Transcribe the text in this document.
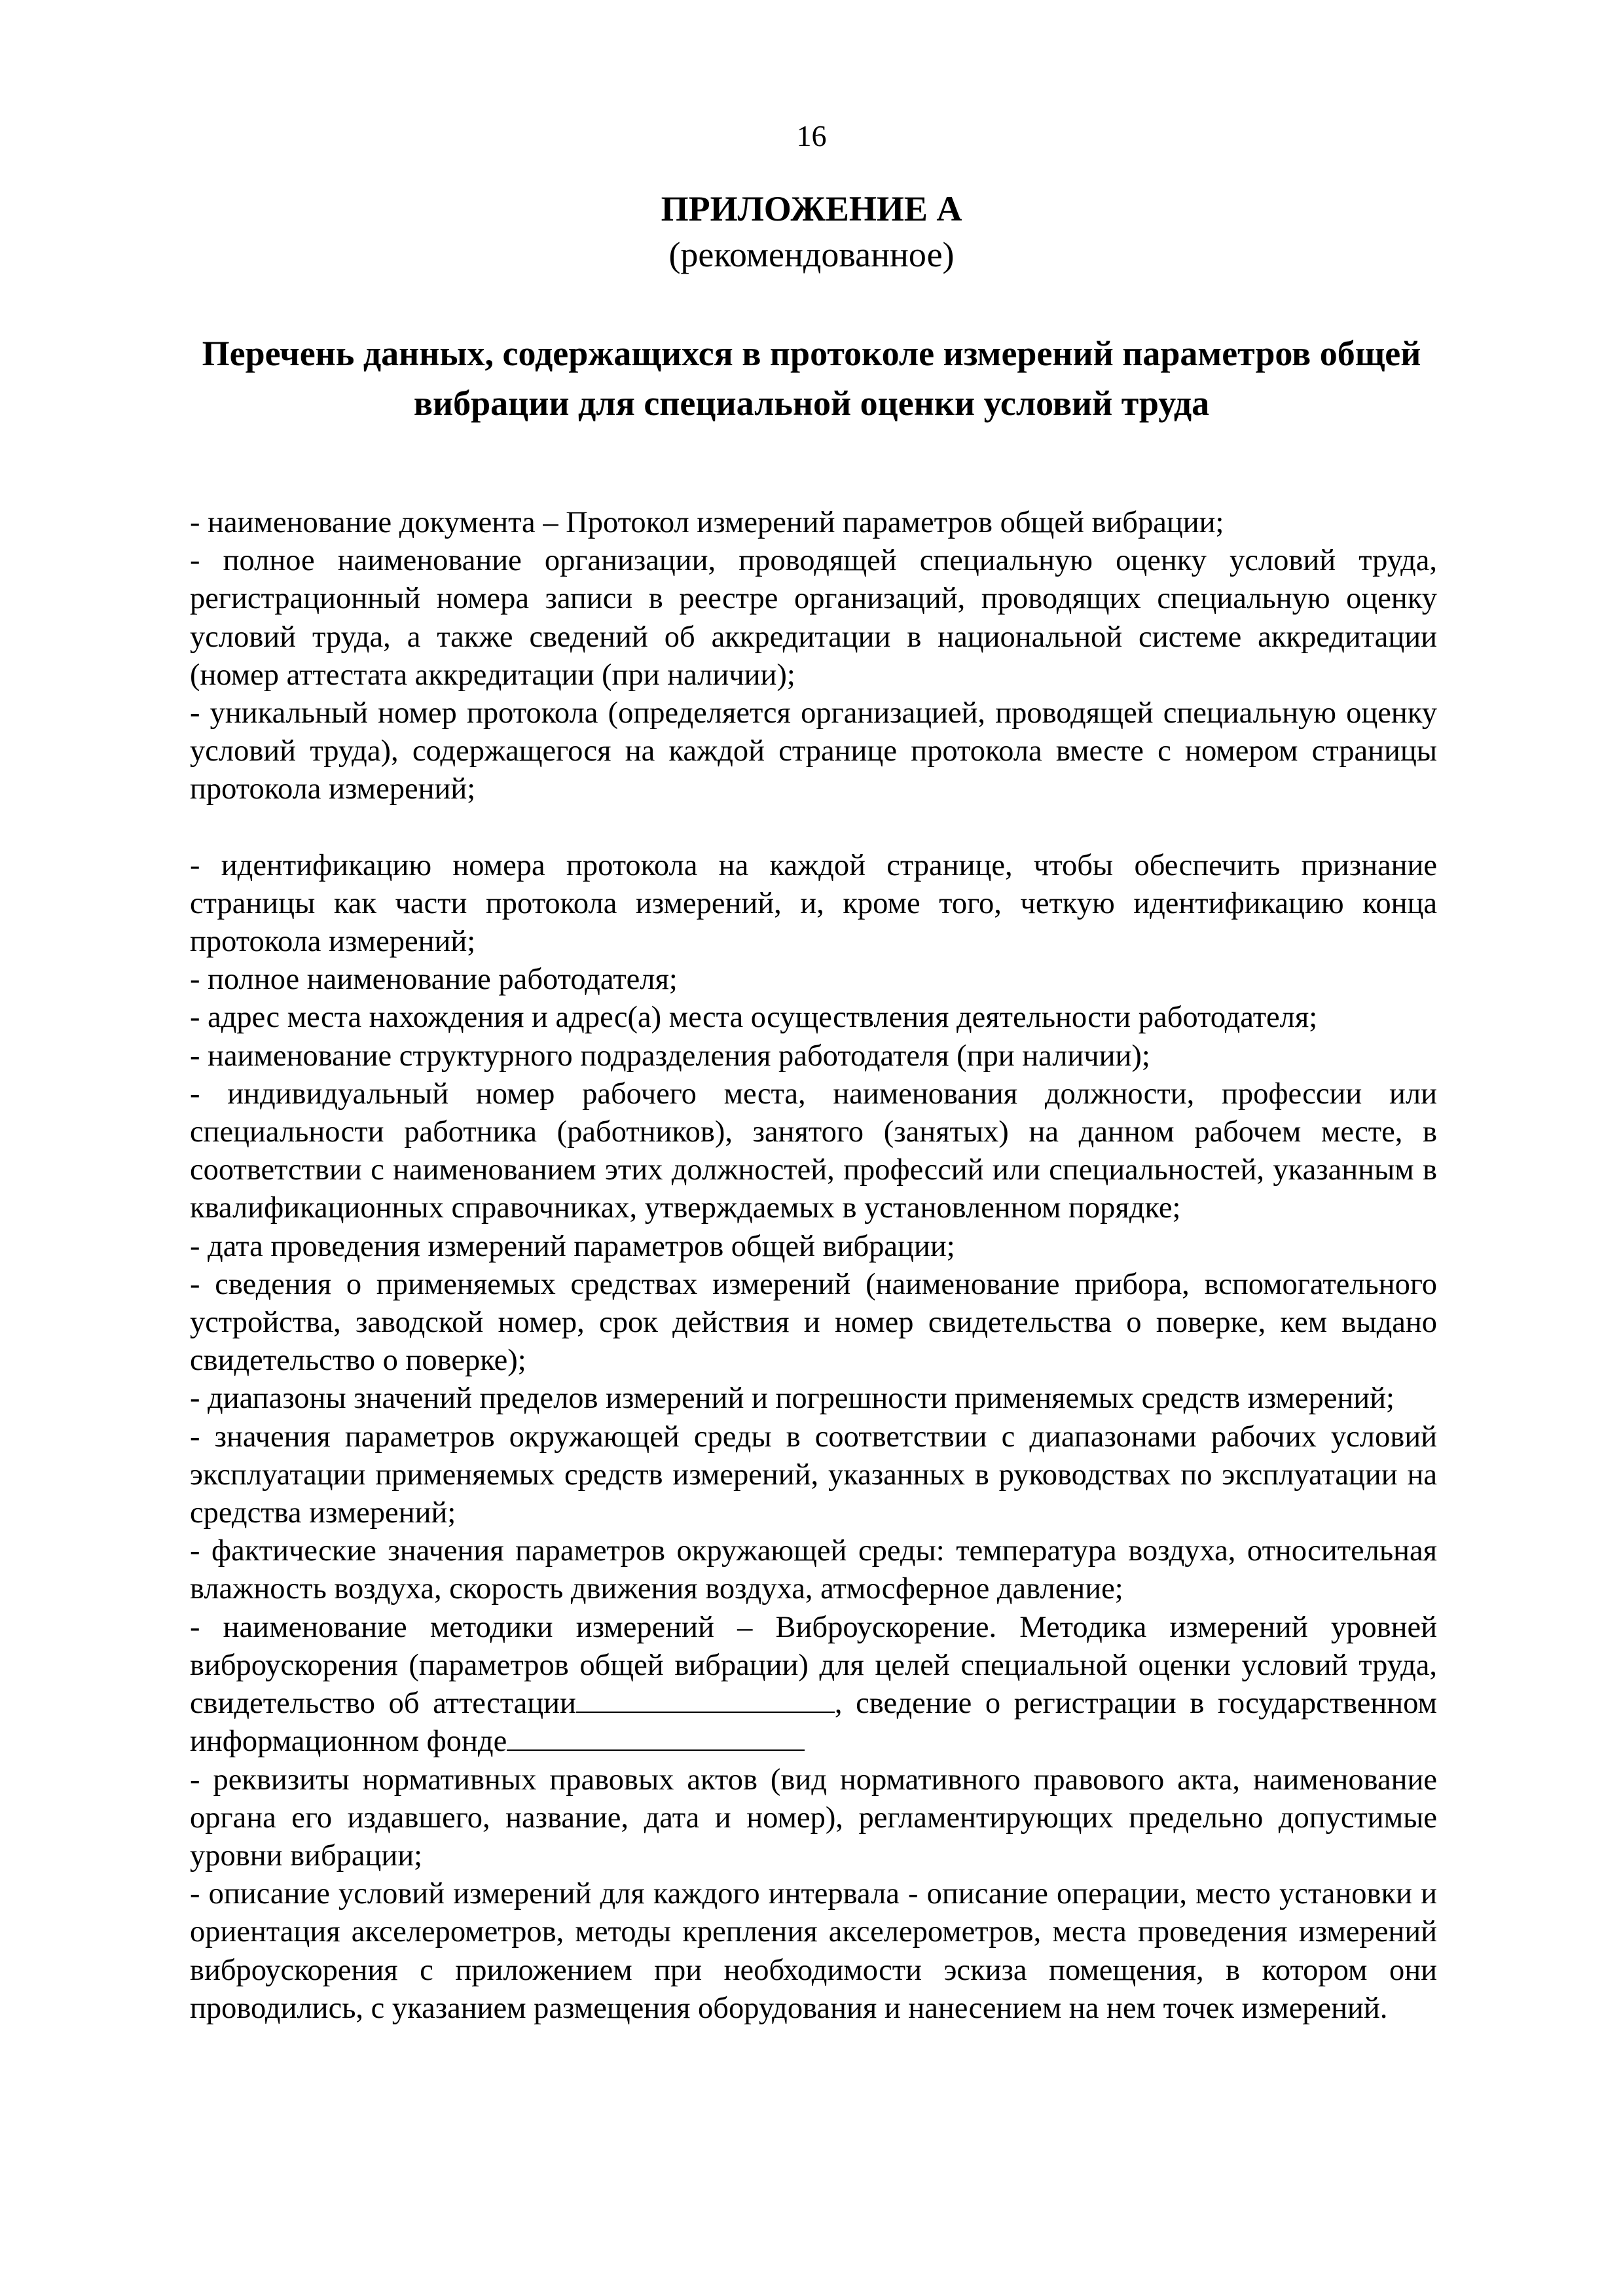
16

ПРИЛОЖЕНИЕ А

(рекомендованное)

Перечень данных, содержащихся в протоколе измерений параметров общей вибрации для специальной оценки условий труда

- наименование документа – Протокол измерений параметров общей вибрации;

- полное наименование организации, проводящей специальную оценку условий труда, регистрационный номера записи в реестре организаций, проводящих специальную оценку условий труда, а также сведений об аккредитации в национальной системе аккредитации (номер аттестата аккредитации (при наличии);

- уникальный номер протокола (определяется организацией, проводящей специальную оценку условий труда), содержащегося на каждой странице протокола вместе с номером страницы протокола измерений;

- идентификацию номера протокола на каждой странице, чтобы обеспечить признание страницы как части протокола измерений, и, кроме того, четкую идентификацию конца протокола измерений;

- полное наименование работодателя;

- адрес места нахождения и адрес(а) места осуществления деятельности работодателя;

- наименование структурного подразделения работодателя (при наличии);

- индивидуальный номер рабочего места, наименования должности, профессии или специальности работника (работников), занятого (занятых) на данном рабочем месте, в соответствии с наименованием этих должностей, профессий или специальностей, указанным в квалификационных справочниках, утверждаемых в установленном порядке;

- дата проведения измерений параметров общей вибрации;

- сведения о применяемых средствах измерений (наименование прибора, вспомогательного устройства, заводской номер, срок действия и номер свидетельства о поверке, кем выдано свидетельство о поверке);

- диапазоны значений пределов измерений и погрешности применяемых средств измерений;

- значения параметров окружающей среды в соответствии с диапазонами рабочих условий эксплуатации применяемых средств измерений, указанных в руководствах по эксплуатации на средства измерений;

- фактические значения параметров окружающей среды: температура воздуха, относительная влажность воздуха, скорость движения воздуха, атмосферное давление;

- наименование методики измерений – Виброускорение. Методика измерений уровней виброускорения (параметров общей вибрации) для целей специальной оценки условий труда, свидетельство об аттестации	, сведение о регистрации в государственном информационном фонде

- реквизиты нормативных правовых актов (вид нормативного правового акта, наименование органа его издавшего, название, дата и номер), регламентирующих предельно допустимые уровни вибрации;

- описание условий измерений для каждого интервала - описание операции, место установки и ориентация акселерометров, методы крепления акселерометров, места проведения измерений виброускорения с приложением при необходимости эскиза помещения, в котором они проводились, с указанием размещения оборудования и нанесением на нем точек измерений.
